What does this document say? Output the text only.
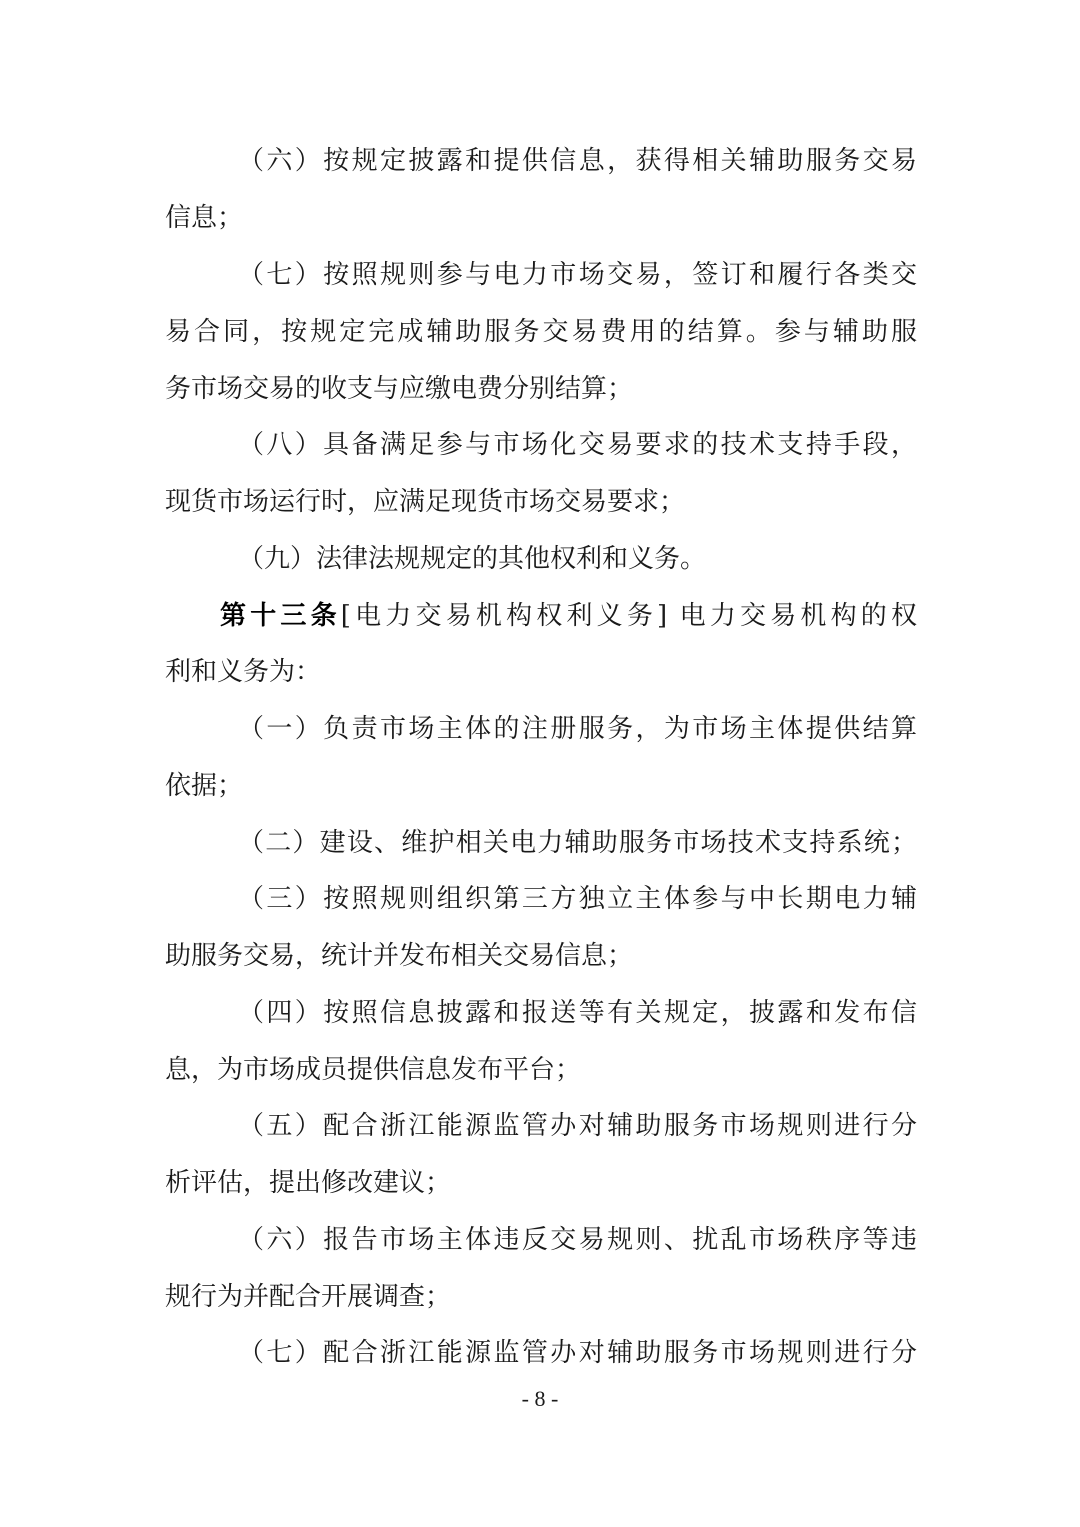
（六）按规定披露和提供信息，获得相关辅助服务交易
信息；
（七）按照规则参与电力市场交易，签订和履行各类交
易合同，按规定完成辅助服务交易费用的结算。参与辅助服
务市场交易的收支与应缴电费分别结算；
（八）具备满足参与市场化交易要求的技术支持手段，
现货市场运行时，应满足现货市场交易要求；
（九）法律法规规定的其他权利和义务。
第十三条[电力交易机构权利义务] 电力交易机构的权
利和义务为：
（一）负责市场主体的注册服务，为市场主体提供结算
依据；
（二）建设、维护相关电力辅助服务市场技术支持系统；
（三）按照规则组织第三方独立主体参与中长期电力辅
助服务交易，统计并发布相关交易信息；
（四）按照信息披露和报送等有关规定，披露和发布信
息，为市场成员提供信息发布平台；
（五）配合浙江能源监管办对辅助服务市场规则进行分
析评估，提出修改建议；
（六）报告市场主体违反交易规则、扰乱市场秩序等违
规行为并配合开展调查；
（七）配合浙江能源监管办对辅助服务市场规则进行分
- 8 -
